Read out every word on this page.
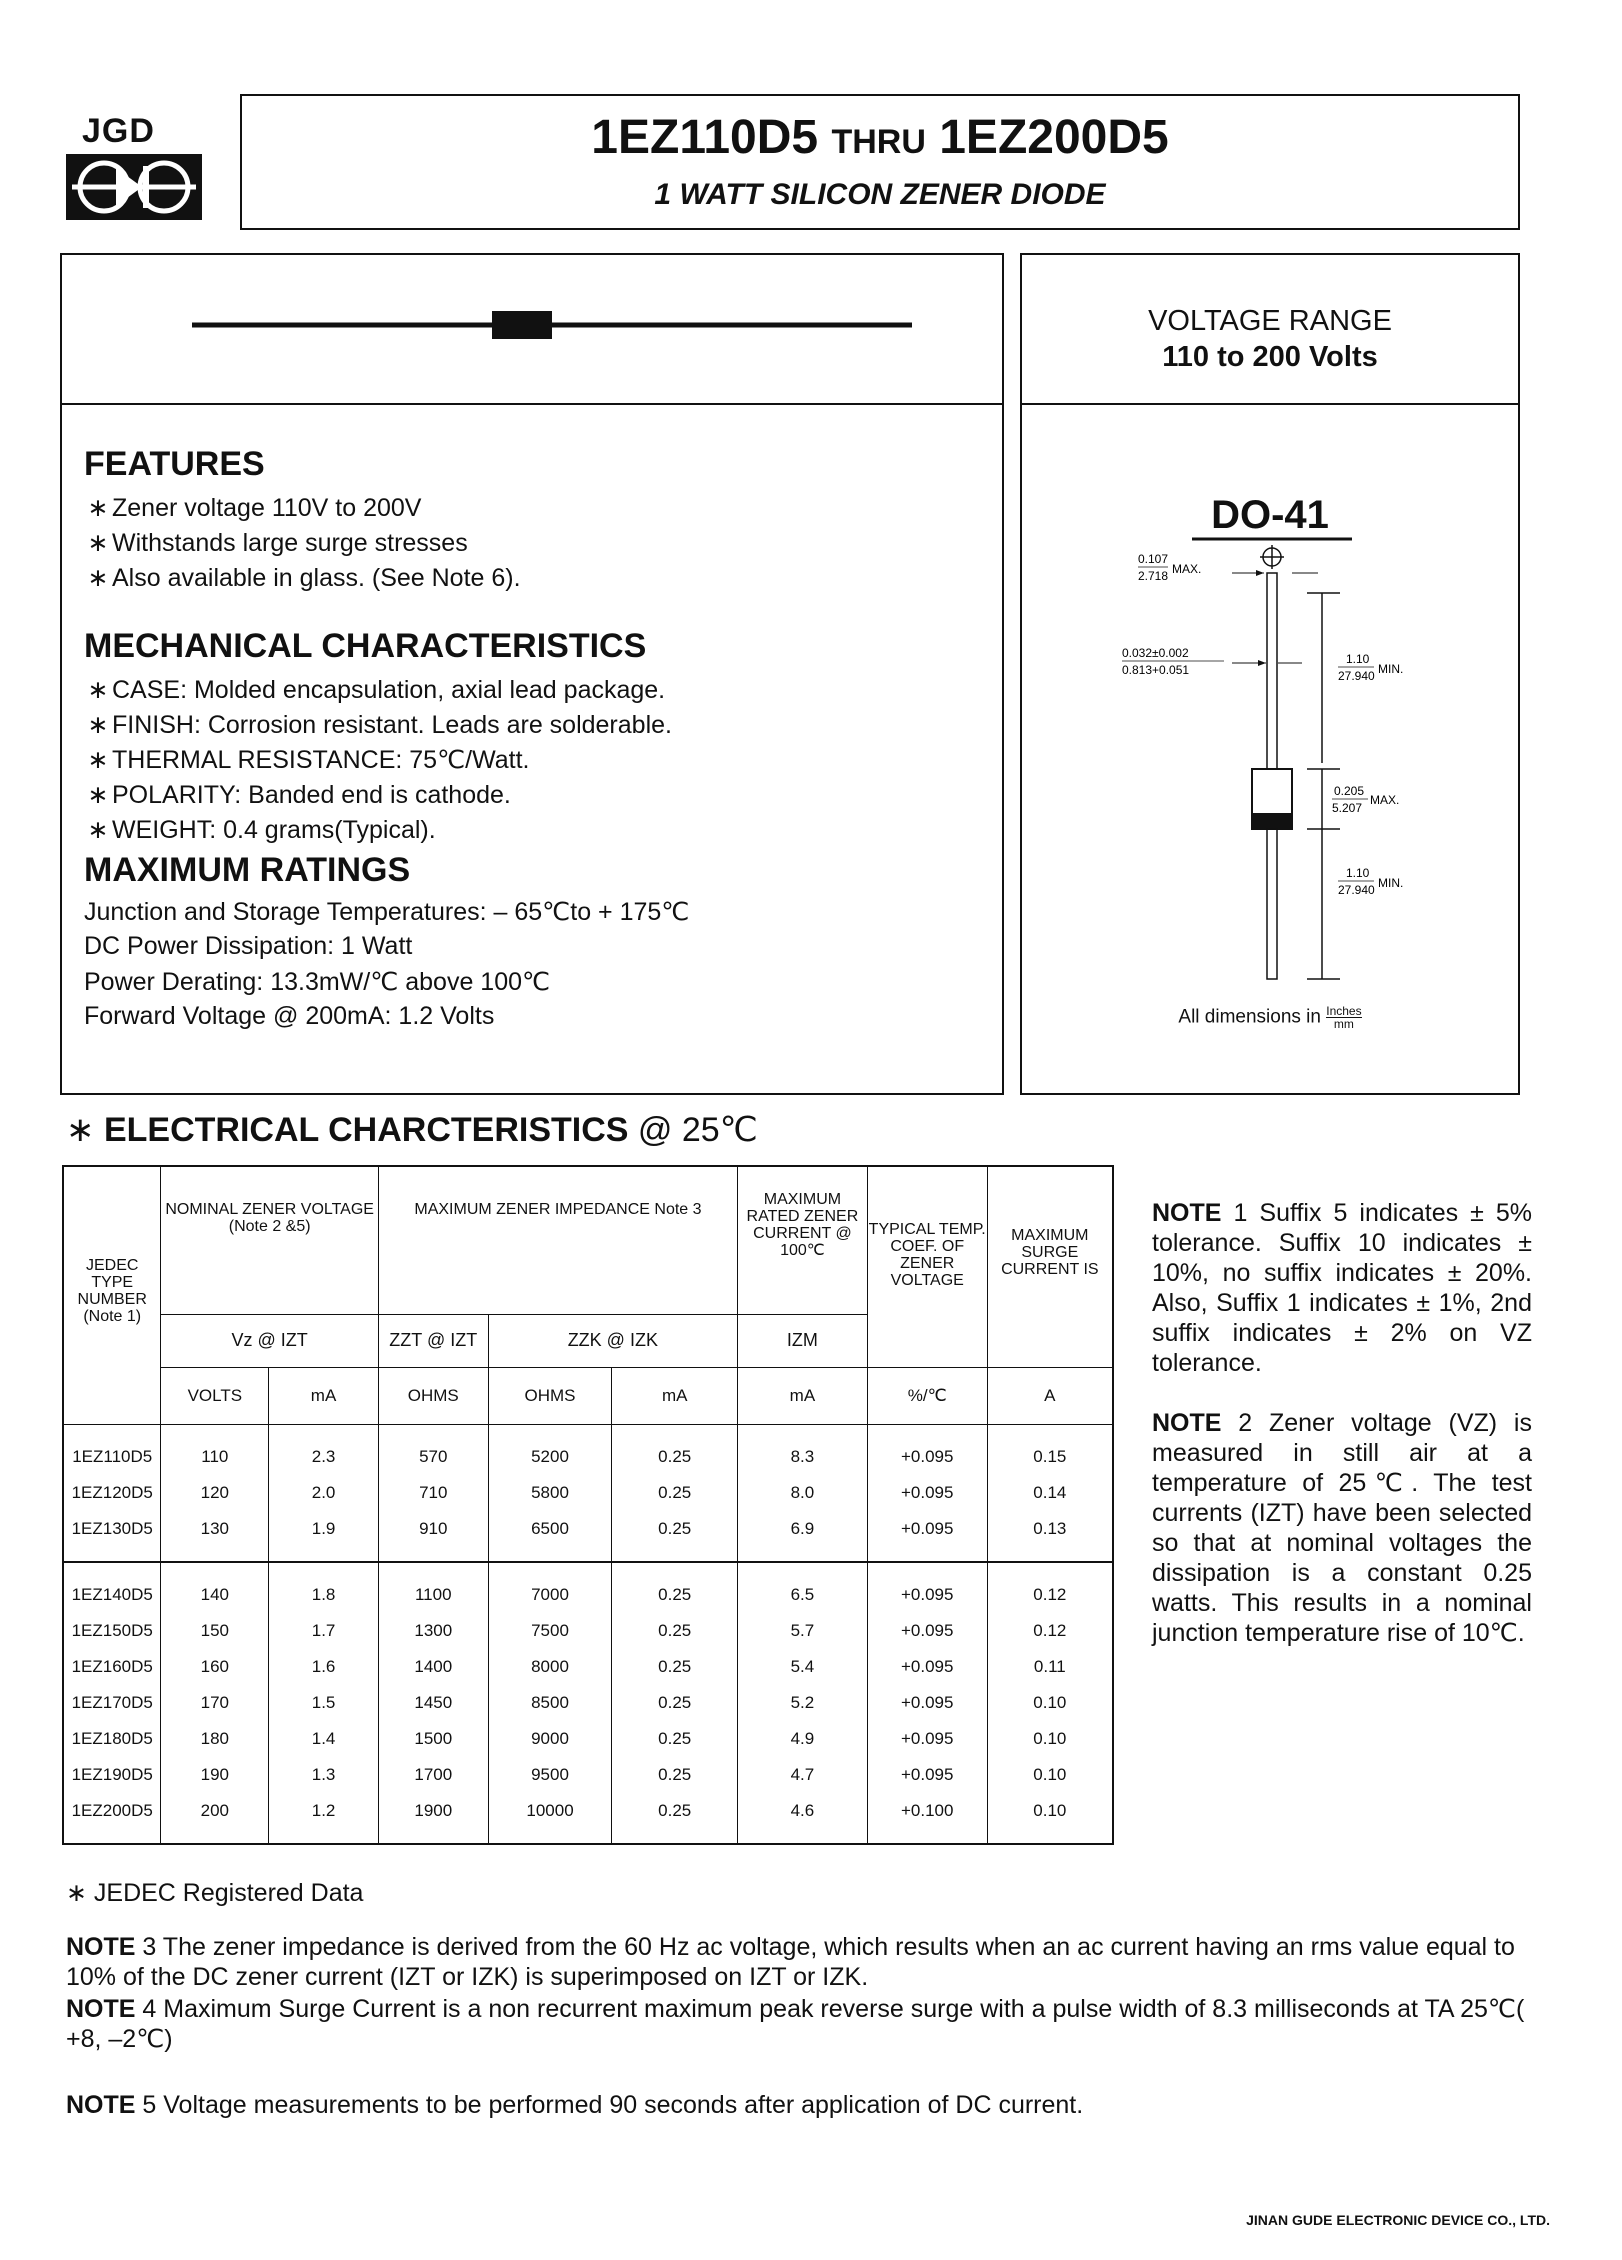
JGD	1EZ110D5 THRU 1EZ200D5
1 WATT SILICON ZENER DIODE
FEATURES
∗ Zener voltage 110V to 200V
∗ Withstands large surge stresses
∗ Also available in glass. (See Note 6).
MECHANICAL CHARACTERISTICS
∗ CASE: Molded encapsulation, axial lead package.
∗ FINISH: Corrosion resistant. Leads are solderable.
∗ THERMAL RESISTANCE: 75℃/Watt.
∗ POLARITY: Banded end is cathode.
∗ WEIGHT: 0.4 grams(Typical).
MAXIMUM RATINGS
Junction and Storage Temperatures: – 65℃to + 175℃
DC Power Dissipation: 1 Watt
Power Derating: 13.3mW/℃ above 100℃
Forward Voltage @ 200mA: 1.2 Volts
VOLTAGE RANGE
110 to 200 Volts
DO-41
0.107
2.718 MAX.
0.032±0.002
0.813+0.051
1.10
27.940 MIN.
0.205
5.207
MAX.
1.10
27.940 MIN.
All dimensions in Inches
mm
∗ ELECTRICAL CHARCTERISTICS @ 25℃
JEDEC TYPE NUMBER (Note 1)	NOMINAL ZENER VOLTAGE (Note 2 &5)		MAXIMUM ZENER IMPEDANCE Note 3			MAXIMUM RATED ZENER CURRENT @ 100℃	TYPICAL TEMP. COEF. OF ZENER VOLTAGE	MAXIMUM SURGE CURRENT IS
	Vz @ IZT		ZZT @ IZT	ZZK @ IZK		IZM		
	VOLTS	mA	OHMS	OHMS	mA	mA	%/℃	A
1EZ110D5	110	2.3	570	5200	0.25	8.3	+0.095	0.15
1EZ120D5	120	2.0	710	5800	0.25	8.0	+0.095	0.14
1EZ130D5	130	1.9	910	6500	0.25	6.9	+0.095	0.13
1EZ140D5	140	1.8	1100	7000	0.25	6.5	+0.095	0.12
1EZ150D5	150	1.7	1300	7500	0.25	5.7	+0.095	0.12
1EZ160D5	160	1.6	1400	8000	0.25	5.4	+0.095	0.11
1EZ170D5	170	1.5	1450	8500	0.25	5.2	+0.095	0.10
1EZ180D5	180	1.4	1500	9000	0.25	4.9	+0.095	0.10
1EZ190D5	190	1.3	1700	9500	0.25	4.7	+0.095	0.10
1EZ200D5	200	1.2	1900	10000	0.25	4.6	+0.100	0.10

NOTE 1 Suffix 5 indicates ± 5% tolerance. Suffix 10 indicates ± 10%, no suffix indicates ± 20%. Also, Suffix 1 indicates ± 1%, 2nd suffix indicates ± 2% on VZ tolerance.

NOTE 2 Zener voltage (VZ) is measured in still air at a temperature of 25℃. The test currents (IZT) have been selected so that at nominal voltages the dissipation is a constant 0.25 watts. This results in a nominal junction temperature rise of 10℃.

∗ JEDEC Registered Data
NOTE 3 The zener impedance is derived from the 60 Hz ac voltage, which results when an ac current having an rms value equal to 10% of the DC zener current (IZT or IZK) is superimposed on IZT or IZK.
NOTE 4 Maximum Surge Current is a non recurrent maximum peak reverse surge with a pulse width of 8.3 milliseconds at TA 25℃( +8, –2℃)
NOTE 5 Voltage measurements to be performed 90 seconds after application of DC current.
JINAN GUDE ELECTRONIC DEVICE CO., LTD.
